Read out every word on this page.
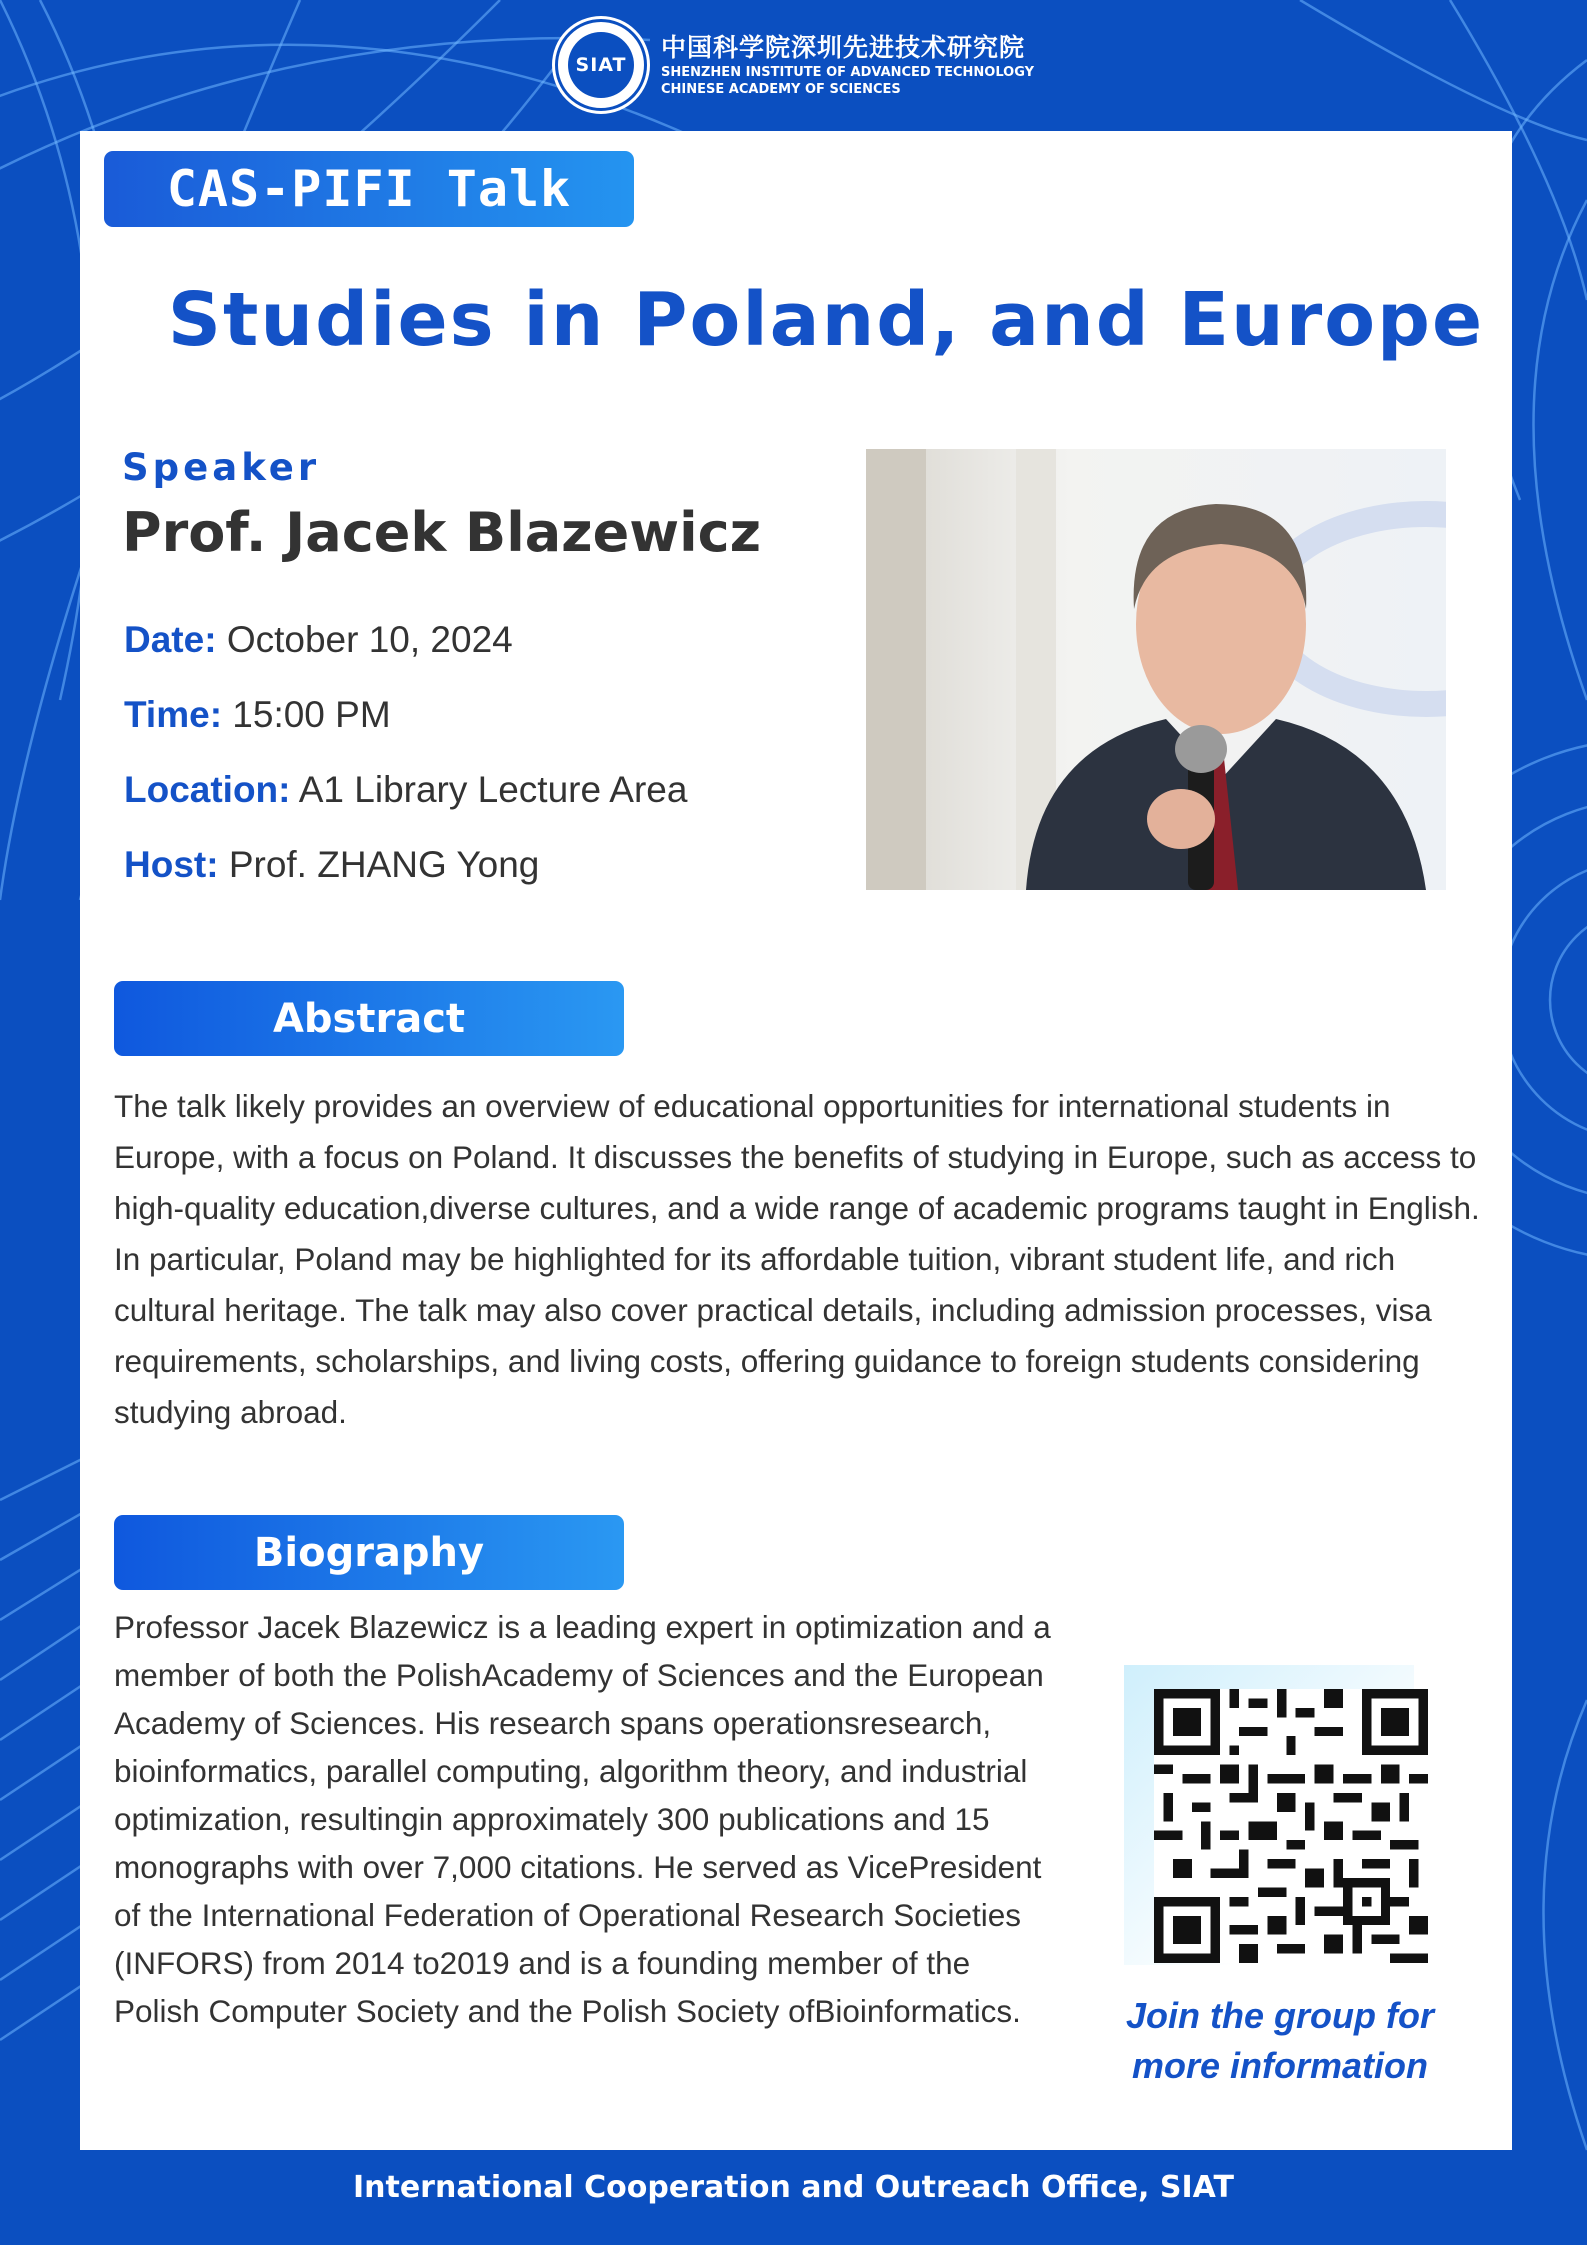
SIAT
中国科学院深圳先进技术研究院
SHENZHEN INSTITUTE OF ADVANCED TECHNOLOGY
CHINESE ACADEMY OF SCIENCES
CAS-PIFI Talk
Studies in Poland, and Europe
Speaker
Prof. Jacek Blazewicz
Date: October 10, 2024
Time: 15:00 PM
Location: A1 Library Lecture Area
Host: Prof. ZHANG Yong
Abstract
The talk likely provides an overview of educational opportunities for international students in Europe, with a focus on Poland. It discusses the benefits of studying in Europe, such as access to high-quality education,diverse cultures, and a wide range of academic programs taught in English. In particular, Poland may be highlighted for its affordable tuition, vibrant student life, and rich cultural heritage. The talk may also cover practical details, including admission processes, visa requirements, scholarships, and living costs, offering guidance to foreign students considering studying abroad.
Biography
Professor Jacek Blazewicz is a leading expert in optimization and a member of both the PolishAcademy of Sciences and the European Academy of Sciences. His research spans operationsresearch, bioinformatics, parallel computing, algorithm theory, and industrial optimization, resultingin approximately 300 publications and 15 monographs with over 7,000 citations. He served as VicePresident of the International Federation of Operational Research Societies (INFORS) from 2014 to2019 and is a founding member of the Polish Computer Society and the Polish Society ofBioinformatics.	Join the group for
more information
International Cooperation and Outreach Office, SIAT
